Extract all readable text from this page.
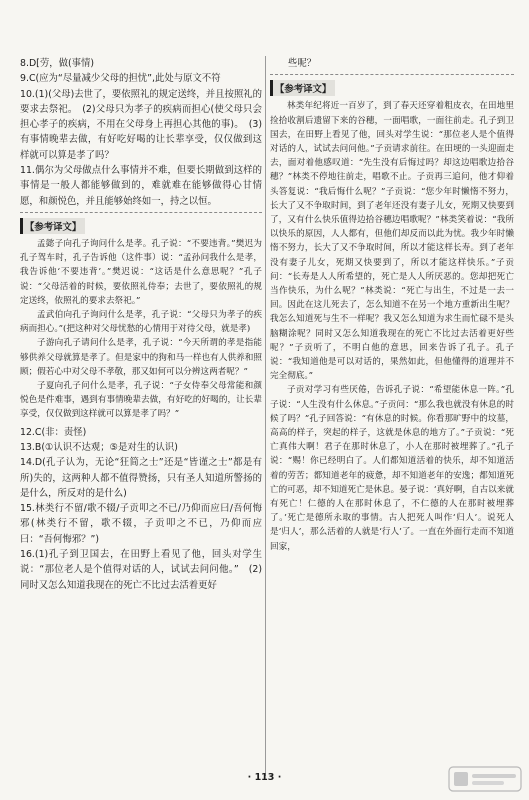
8.D[劳，做(事情)

9.C(应为“尽量减少父母的担忧”,此处与原文不符

10.(1)(父母)去世了，要依照礼的规定送终，并且按照礼的要求去祭祀。　(2)父母只为孝子的疾病而担心(使父母只会担心孝子的疾病，不用在父母身上再担心其他的事)。　(3)有事情晚辈去做，有好吃好喝的让长辈享受，仅仅做到这样就可以算是孝了吗？

11.偶尔为父母做点什么事情并不难，但要长期做到这样的事情是一般人都能够做到的，难就难在能够做得心甘情愿，和颜悦色，并且能够始终如一，持之以恒。

【参考译文】

孟懿子向孔子询问什么是孝。孔子说：“不要违背。”樊迟为孔子驾车时，孔子告诉他（这件事）说：“孟孙问我什么是孝，我告诉他‘不要违背’。”樊迟说：“这话是什么意思呢？”孔子说：“父母活着的时候，要依照礼侍奉；去世了，要依照礼的规定送终，依照礼的要求去祭祀。”

孟武伯向孔子询问什么是孝，孔子说：“父母只为孝子的疾病而担心。”(把这种对父母忧愁的心情用于对待父母，就是孝)

子游向孔子请问什么是孝，孔子说：“今天所谓的孝是指能够供养父母就算是孝了。但是家中的狗和马一样也有人供养和照顾；假若心中对父母不孝敬，那又如何可以分辨这两者呢？”

子夏向孔子问什么是孝，孔子说：“子女侍奉父母常能和颜悦色是件难事，遇到有事情晚辈去做，有好吃的好喝的，让长辈享受，仅仅做到这样就可以算是孝了吗？”

12.C(非：责怪)

13.B(①认识不达观；⑤是对生的认识)

14.D(孔子认为，无论“狂简之士”还是“皆谨之士”都是有所)失的，这两种人都不值得赞扬，只有圣人知道所警扬的是什么，所反对的是什么)

15.林类行不留/歌不辍/子贡叩之不已/乃仰而应曰/吾何悔邪(林类行不留，歌不辍，子贡叩之不已，乃仰而应曰：“吾何悔邪？”)

16.(1)孔子到卫国去，在田野上看见了他，回头对学生说：“那位老人是个值得对话的人，试试去问问他。”　(2)同时又怎么知道我现在的死亡不比过去活着更好

些呢？

【参考译文】

林类年纪将近一百岁了，到了春天还穿着粗皮衣，在田地里捡拾收割后遗留下来的谷穗，一面唱歌，一面往前走。孔子到卫国去，在田野上看见了他，回头对学生说：“那位老人是个值得对话的人，试试去问问他。”子贡请求前往。在田埂的一头迎面走去，面对着他感叹道：“先生没有后悔过吗？却这边唱歌边拾谷穗？”林类不停地往前走，唱歌不止。子贡再三追问，他才仰着头答复说：“我后悔什么呢？”子贡说：“您少年时懒惰不努力，长大了又不争取时间，到了老年还没有妻子儿女，死期又快要到了，又有什么快乐值得边拾谷穗边唱歌呢？”林类笑着说：“我所以快乐的原因，人人都有，但他们却反而以此为忧。我少年时懒惰不努力，长大了又不争取时间，所以才能这样长寿。到了老年没有妻子儿女，死期又快要到了，所以才能这样快乐。”子贡问：“长寿是人人所希望的，死亡是人人所厌恶的。您却把死亡当作快乐，为什么呢？”林类说：“死亡与出生，不过是一去一回。因此在这儿死去了，怎么知道不在另一个地方重新出生呢？我怎么知道死与生不一样呢？我又怎么知道为求生而忙碌不是头脑糊涂呢？同时又怎么知道我现在的死亡不比过去活着更好些呢？”子贡听了，不明白他的意思，回来告诉了孔子。孔子说：“我知道他是可以对话的，果然如此，但他懂得的道理并不完全彻底。”

子贡对学习有些厌倦，告诉孔子说：“希望能休息一阵。”孔子说：“人生没有什么休息。”子贡问：“那么我也就没有休息的时候了吗？”孔子回答说：“有休息的时候。你看那旷野中的坟墓，高高的样子，突起的样子，这就是休息的地方了。”子贡说：“死亡真伟大啊！君子在那时休息了，小人在那时被埋葬了。”孔子说：“赐！你已经明白了。人们都知道活着的快乐，却不知道活着的劳苦；都知道老年的疲惫，却不知道老年的安逸；都知道死亡的可恶，却不知道死亡是休息。晏子说：‘真好啊，自古以来就有死亡！仁德的人在那时休息了，不仁德的人在那时被埋葬了。’死亡是德所永取的事情。古人把死人叫作‘归人’。说死人是‘归人’，那么活着的人就是‘行人’了。一直在外面行走而不知道回家，

· 113 ·
